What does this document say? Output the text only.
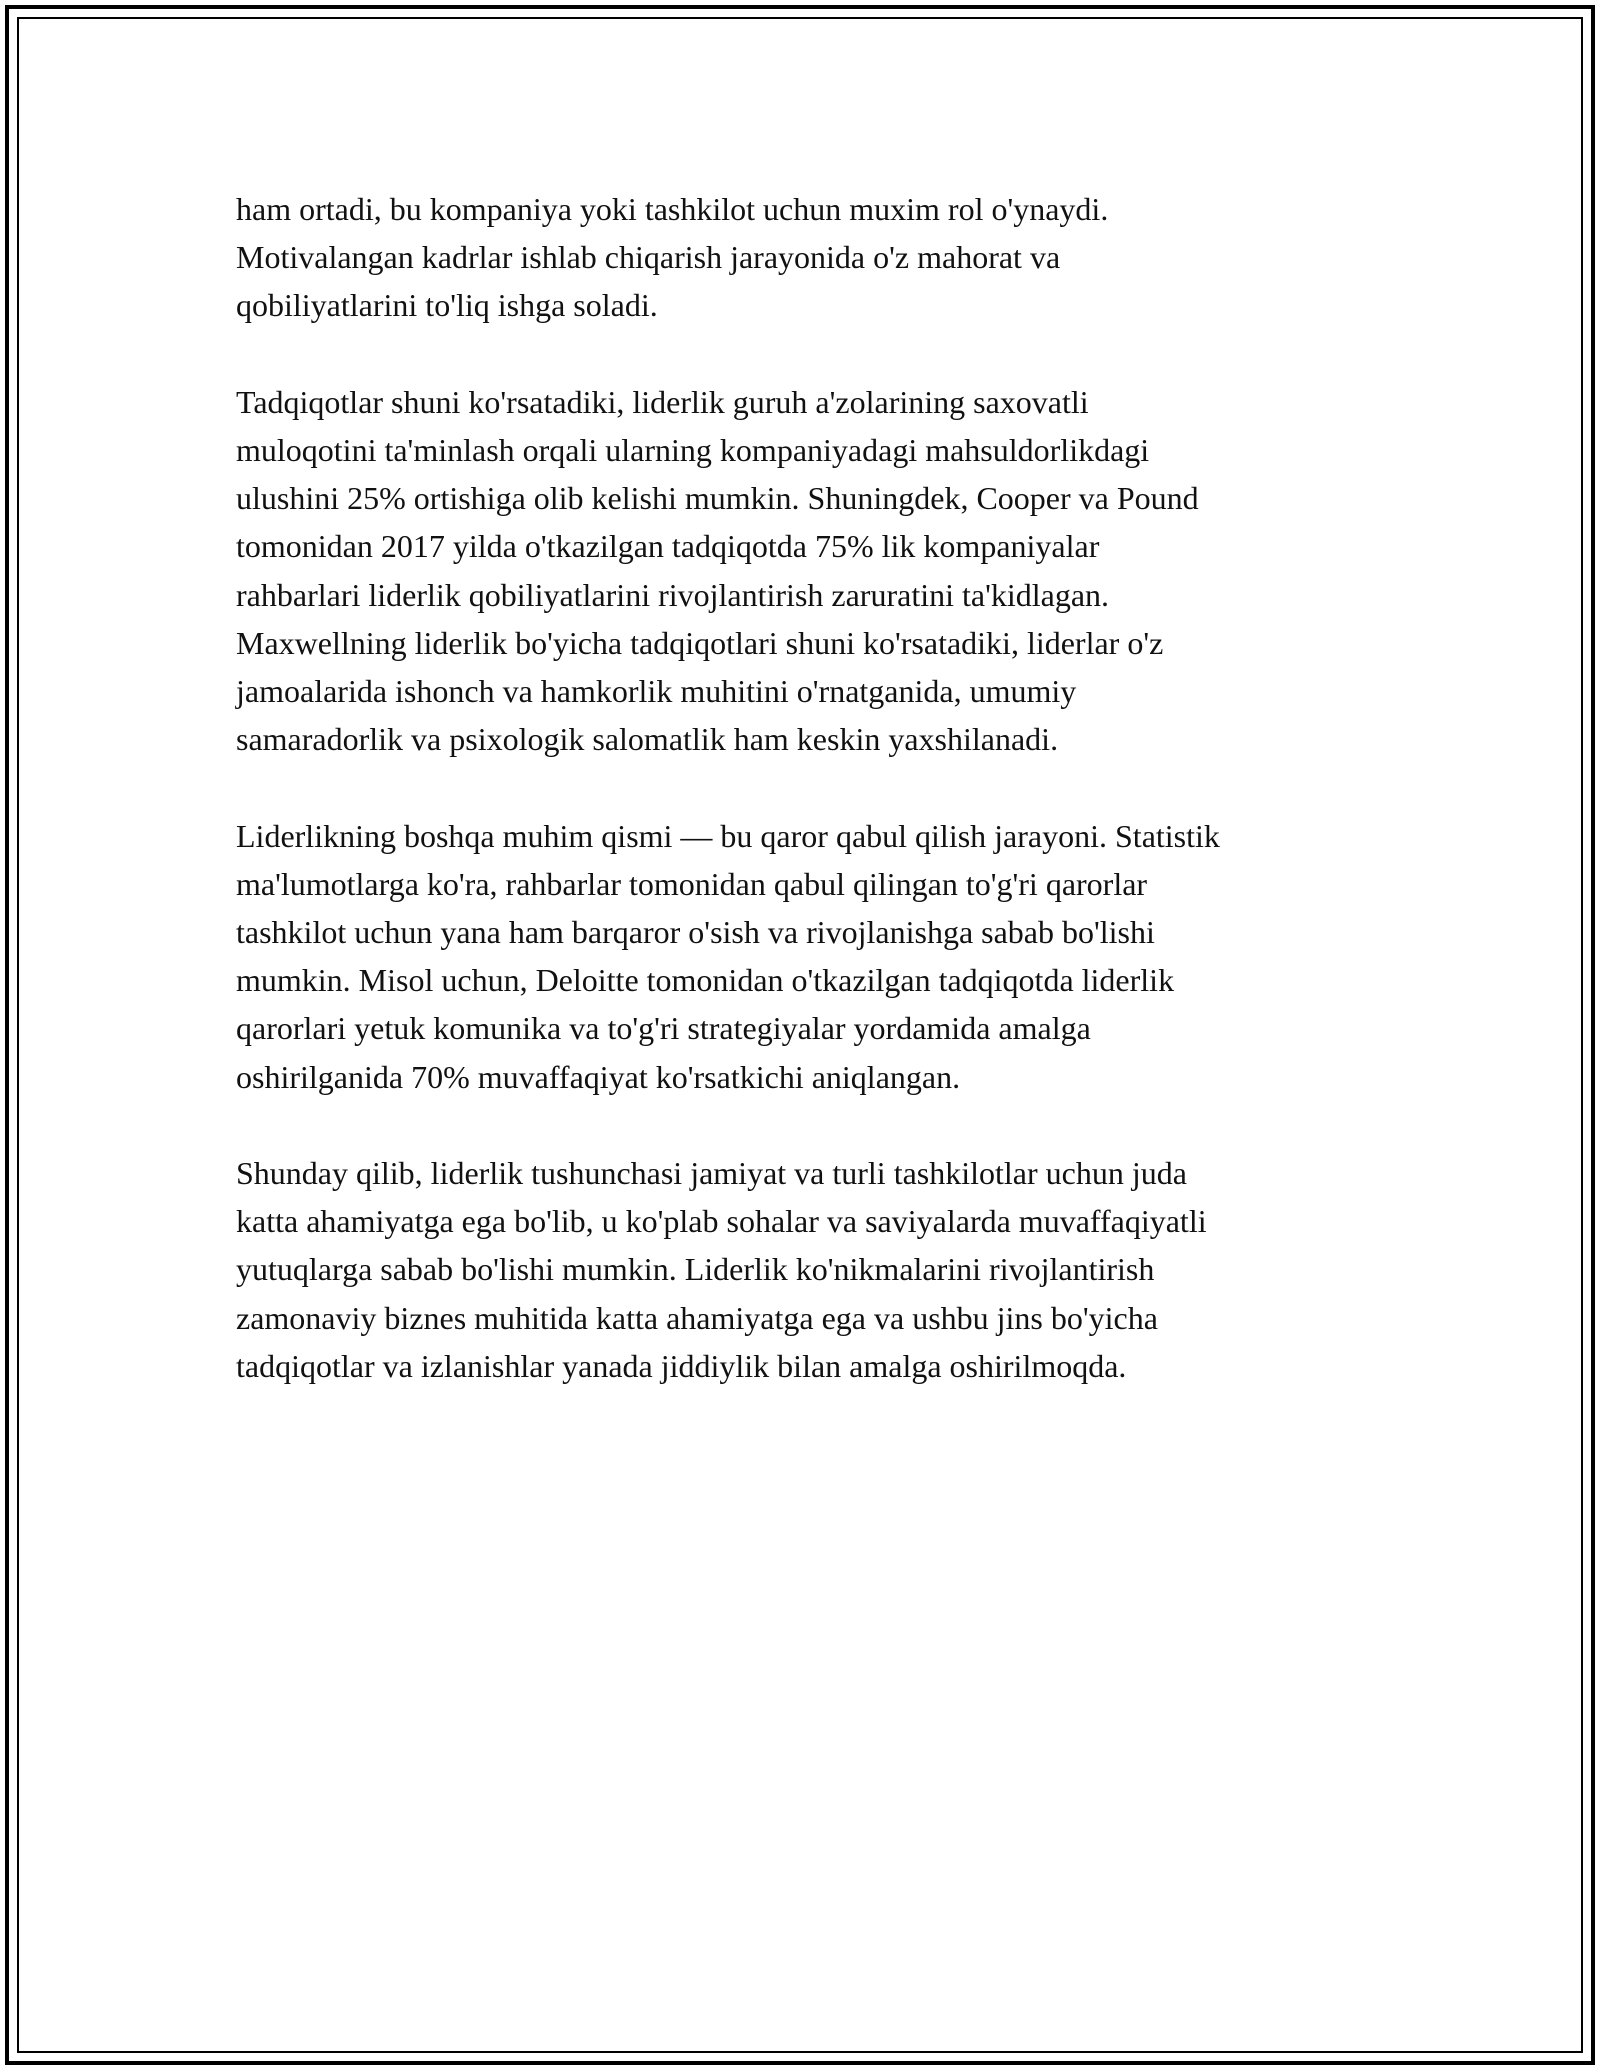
ham ortadi, bu kompaniya yoki tashkilot uchun muxim rol o'ynaydi.
Motivalangan kadrlar ishlab chiqarish jarayonida o'z mahorat va
qobiliyatlarini to'liq ishga soladi.

Tadqiqotlar shuni ko'rsatadiki, liderlik guruh a'zolarining saxovatli
muloqotini ta'minlash orqali ularning kompaniyadagi mahsuldorlikdagi
ulushini 25% ortishiga olib kelishi mumkin. Shuningdek, Cooper va Pound
tomonidan 2017 yilda o'tkazilgan tadqiqotda 75% lik kompaniyalar
rahbarlari liderlik qobiliyatlarini rivojlantirish zaruratini ta'kidlagan.
Maxwellning liderlik bo'yicha tadqiqotlari shuni ko'rsatadiki, liderlar o'z
jamoalarida ishonch va hamkorlik muhitini o'rnatganida, umumiy
samaradorlik va psixologik salomatlik ham keskin yaxshilanadi.

Liderlikning boshqa muhim qismi — bu qaror qabul qilish jarayoni. Statistik
ma'lumotlarga ko'ra, rahbarlar tomonidan qabul qilingan to'g'ri qarorlar
tashkilot uchun yana ham barqaror o'sish va rivojlanishga sabab bo'lishi
mumkin. Misol uchun, Deloitte tomonidan o'tkazilgan tadqiqotda liderlik
qarorlari yetuk komunika va to'g'ri strategiyalar yordamida amalga
oshirilganida 70% muvaffaqiyat ko'rsatkichi aniqlangan.

Shunday qilib, liderlik tushunchasi jamiyat va turli tashkilotlar uchun juda
katta ahamiyatga ega bo'lib, u ko'plab sohalar va saviyalarda muvaffaqiyatli
yutuqlarga sabab bo'lishi mumkin. Liderlik ko'nikmalarini rivojlantirish
zamonaviy biznes muhitida katta ahamiyatga ega va ushbu jins bo'yicha
tadqiqotlar va izlanishlar yanada jiddiylik bilan amalga oshirilmoqda.
